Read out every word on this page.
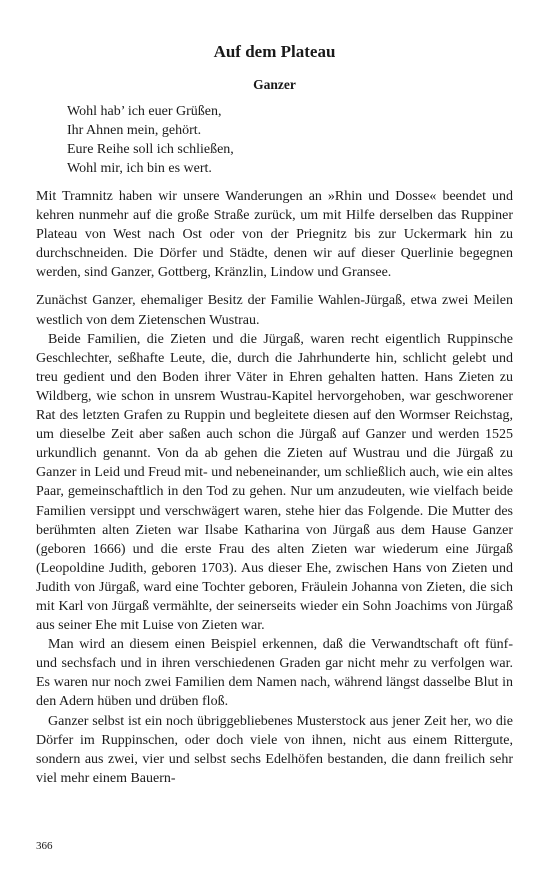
Auf dem Plateau
Ganzer
Wohl hab’ ich euer Grüßen,
Ihr Ahnen mein, gehört.
Eure Reihe soll ich schließen,
Wohl mir, ich bin es wert.

Mit Tramnitz haben wir unsere Wanderungen an »Rhin und Dosse« beendet und kehren nunmehr auf die große Straße zurück, um mit Hilfe derselben das Ruppiner Plateau von West nach Ost oder von der Priegnitz bis zur Uckermark hin zu durchschneiden. Die Dörfer und Städte, denen wir auf dieser Querlinie begegnen werden, sind Ganzer, Gottberg, Kränzlin, Lindow und Gransee.

Zunächst Ganzer, ehemaliger Besitz der Familie Wahlen-Jürgaß, etwa zwei Meilen westlich von dem Zietenschen Wustrau.

Beide Familien, die Zieten und die Jürgaß, waren recht eigentlich Ruppinsche Geschlechter, seßhafte Leute, die, durch die Jahrhunderte hin, schlicht gelebt und treu gedient und den Boden ihrer Väter in Ehren gehalten hatten. Hans Zieten zu Wildberg, wie schon in unsrem Wustrau-Kapitel hervorgehoben, war geschworener Rat des letzten Grafen zu Ruppin und begleitete diesen auf den Wormser Reichstag, um dieselbe Zeit aber saßen auch schon die Jürgaß auf Ganzer und werden 1525 urkundlich genannt. Von da ab gehen die Zieten auf Wustrau und die Jürgaß zu Ganzer in Leid und Freud mit- und nebeneinander, um schließlich auch, wie ein altes Paar, gemeinschaftlich in den Tod zu gehen. Nur um anzudeuten, wie vielfach beide Familien versippt und verschwägert waren, stehe hier das Folgende. Die Mutter des berühmten alten Zieten war Ilsabe Katharina von Jürgaß aus dem Hause Ganzer (geboren 1666) und die erste Frau des alten Zieten war wiederum eine Jürgaß (Leopoldine Judith, geboren 1703). Aus dieser Ehe, zwischen Hans von Zieten und Judith von Jürgaß, ward eine Tochter geboren, Fräulein Johanna von Zieten, die sich mit Karl von Jürgaß vermählte, der seinerseits wieder ein Sohn Joachims von Jürgaß aus seiner Ehe mit Luise von Zieten war.

Man wird an diesem einen Beispiel erkennen, daß die Verwandtschaft oft fünf- und sechsfach und in ihren verschiedenen Graden gar nicht mehr zu verfolgen war. Es waren nur noch zwei Familien dem Namen nach, während längst dasselbe Blut in den Adern hüben und drüben floß.

Ganzer selbst ist ein noch übriggebliebenes Musterstock aus jener Zeit her, wo die Dörfer im Ruppinschen, oder doch viele von ihnen, nicht aus einem Rittergute, sondern aus zwei, vier und selbst sechs Edelhöfen bestanden, die dann freilich sehr viel mehr einem Bauern-

366
